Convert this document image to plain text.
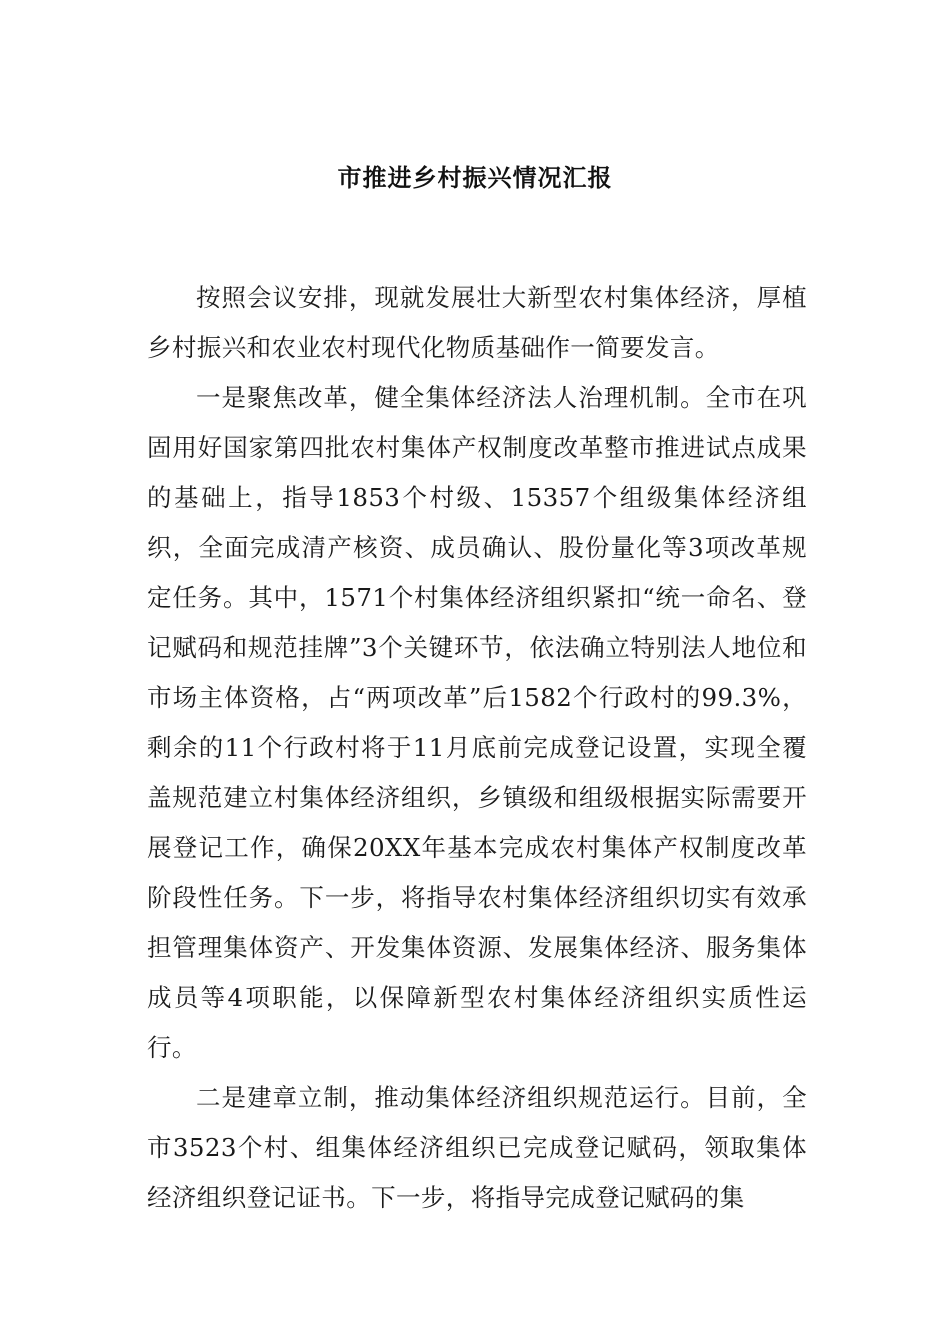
市推进乡村振兴情况汇报

按照会议安排，现就发展壮大新型农村集体经济，厚植乡村振兴和农业农村现代化物质基础作一简要发言。

一是聚焦改革，健全集体经济法人治理机制。全市在巩固用好国家第四批农村集体产权制度改革整市推进试点成果的基础上，指导1853个村级、15357个组级集体经济组织，全面完成清产核资、成员确认、股份量化等3项改革规定任务。其中，1571个村集体经济组织紧扣“统一命名、登记赋码和规范挂牌”3个关键环节，依法确立特别法人地位和市场主体资格，占“两项改革”后1582个行政村的99.3%，剩余的11个行政村将于11月底前完成登记设置，实现全覆盖规范建立村集体经济组织，乡镇级和组级根据实际需要开展登记工作，确保20XX年基本完成农村集体产权制度改革阶段性任务。下一步，将指导农村集体经济组织切实有效承担管理集体资产、开发集体资源、发展集体经济、服务集体成员等4项职能，以保障新型农村集体经济组织实质性运行。

二是建章立制，推动集体经济组织规范运行。目前，全市3523个村、组集体经济组织已完成登记赋码，领取集体经济组织登记证书。下一步，将指导完成登记赋码的集
